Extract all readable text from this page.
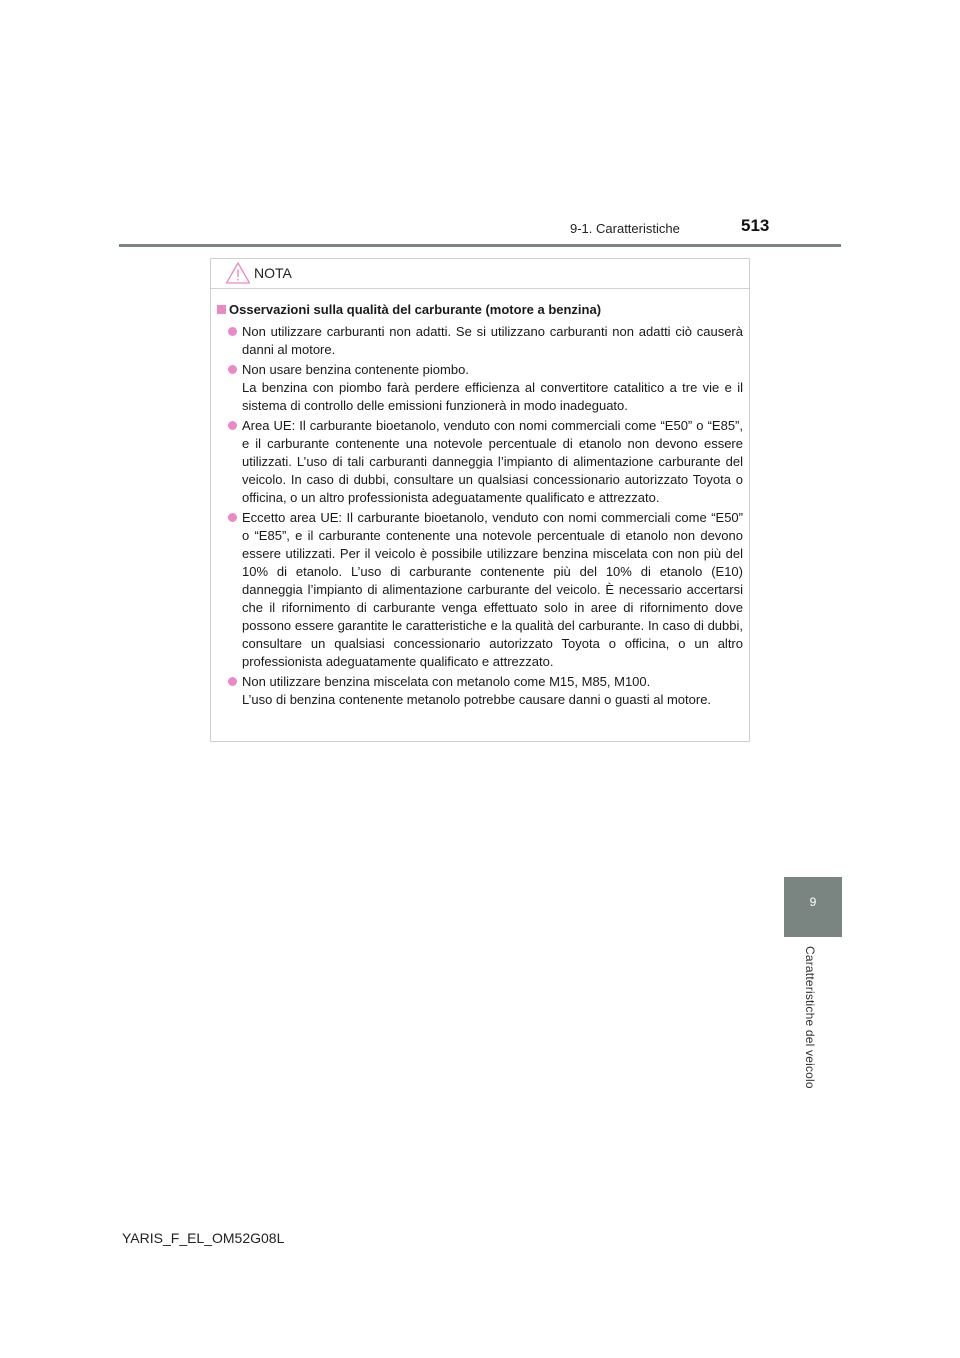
9-1. Caratteristiche	513
9
Caratteristiche del veicolo
NOTA
Osservazioni sulla qualità del carburante (motore a benzina)

Non utilizzare carburanti non adatti. Se si utilizzano carburanti non adatti ciò causerà danni al motore.

Non usare benzina contenente piombo.

La benzina con piombo farà perdere efficienza al convertitore catalitico a tre vie e il sistema di controllo delle emissioni funzionerà in modo inadeguato.

Area UE: Il carburante bioetanolo, venduto con nomi commerciali come “E50” o “E85”, e il carburante contenente una notevole percentuale di etanolo non devono essere utilizzati. L’uso di tali carburanti danneggia l’impianto di alimentazione carburante del veicolo. In caso di dubbi, consultare un qualsiasi concessionario autorizzato Toyota o officina, o un altro professionista adeguatamente qualificato e attrezzato.

Eccetto area UE: Il carburante bioetanolo, venduto con nomi commerciali come “E50” o “E85”, e il carburante contenente una notevole percentuale di etanolo non devono essere utilizzati. Per il veicolo è possibile utilizzare benzina miscelata con non più del 10% di etanolo. L’uso di carburante contenente più del 10% di etanolo (E10) danneggia l’impianto di alimentazione carburante del veicolo. È necessario accertarsi che il rifornimento di carburante venga effettuato solo in aree di rifornimento dove possono essere garantite le caratteristiche e la qualità del carburante. In caso di dubbi, consultare un qualsiasi concessionario autorizzato Toyota o officina, o un altro professionista adeguatamente qualificato e attrezzato.

Non utilizzare benzina miscelata con metanolo come M15, M85, M100.

L’uso di benzina contenente metanolo potrebbe causare danni o guasti al motore.

YARIS_F_EL_OM52G08L
